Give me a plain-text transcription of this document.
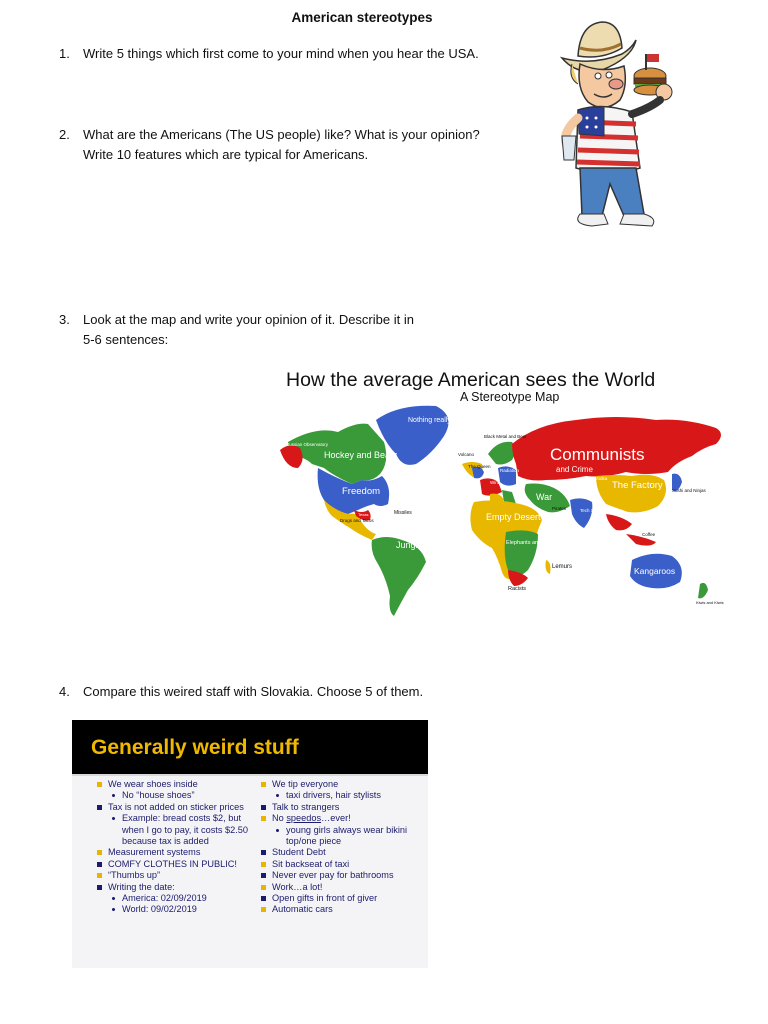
American stereotypes
1. Write 5 things which first come to your mind when you hear the USA.
2. What are the Americans (The US people) like? What is your opinion?
Write 10 features which are typical for Americans.
3. Look at the map and write your opinion of it. Describe it in
5-6 sentences:
4. Compare this weired staff with Slovakia. Choose 5 of them.
How the average American sees the World
A Stereotype Map
Russian Observatory
Hockey and Bears
Nothing really
Freedom
Texas
Communists
and Crime
and Vodka
The Factory
War
Tech Support Noodles
Empty Desert
Jungle Savages	Elephants and Lions
Kangaroos
Radiation
Wine
Missiles
Drugs and Tacos
Volcano
Black Metal and Beer
The Queen
Sushi and Ninjas
Coffee
Pirates
Lemurs
Racists
Kiwis and Kiwis
Generally weird stuff
We wear shoes inside
No “house shoes”
Tax is not added on sticker prices
Example: bread costs $2, but when I go to pay, it costs $2.50 because tax is added
Measurement systems
COMFY CLOTHES IN PUBLIC!
“Thumbs up”
Writing the date:
America: 02/09/2019
World: 09/02/2019
We tip everyone
taxi drivers, hair stylists
Talk to strangers
No speedos…ever!
young girls always wear bikini top/one piece
Student Debt
Sit backseat of taxi
Never ever pay for bathrooms
Work…a lot!
Open gifts in front of giver
Automatic cars
